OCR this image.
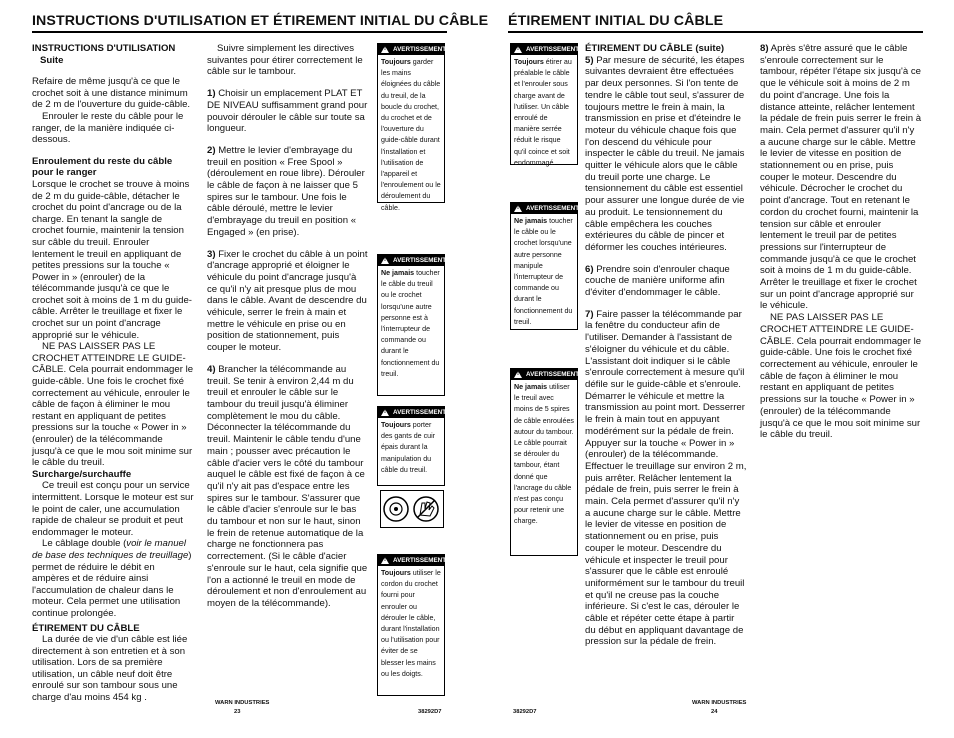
INSTRUCTIONS D'UTILISATION ET ÉTIREMENT INITIAL DU CÂBLE
INSTRUCTIONS D'UTILISATION
Suite
Refaire de même jusqu'à ce que le crochet soit à une distance minimum de 2 m de l'ouverture du guide-câble.

Enrouler le reste du câble pour le ranger, de la manière indiquée ci-dessous.

Enroulement du reste du câble pour le ranger
Lorsque le crochet se trouve à moins de 2 m du guide-câble, détacher le crochet du point d'ancrage ou de la charge. En tenant la sangle de crochet fournie, maintenir la tension sur câble du treuil. Enrouler lentement le treuil en appliquant de petites pressions sur la touche « Power in » (enrouler) de la télécommande jusqu'à ce que le crochet soit à moins de 1 m du guide-câble. Arrêter le treuillage et fixer le crochet sur un point d'ancrage approprié sur le véhicule.
NE PAS LAISSER PAS LE CROCHET ATTEINDRE LE GUIDE-CÂBLE. Cela pourrait endommager le guide-câble. Une fois le crochet fixé correctement au véhicule, enrouler le câble de façon à éliminer le mou restant en appliquant de petites pressions sur la touche « Power in » (enrouler) de la télécommande jusqu'à ce que le mou soit minime sur le câble du treuil.
Surcharge/surchauffe
Ce treuil est conçu pour un service intermittent. Lorsque le moteur est sur le point de caler, une accumulation rapide de chaleur se produit et peut endommager le moteur.
Le câblage double (voir le manuel de base des techniques de treuillage) permet de réduire le débit en ampères et de réduire ainsi l'accumulation de chaleur dans le moteur. Cela permet une utilisation continue prolongée.
ÉTIREMENT DU CÂBLE
La durée de vie d'un câble est liée directement à son entretien et à son utilisation. Lors de sa première utilisation, un câble neuf doit être enroulé sur son tambour sous une charge d'au moins 454 kg .

Suivre simplement les directives suivantes pour étirer correctement le câble sur le tambour.

1) Choisir un emplacement PLAT ET DE NIVEAU suffisamment grand pour pouvoir dérouler le câble sur toute sa longueur.

2) Mettre le levier d'embrayage du treuil en position « Free Spool » (déroulement en roue libre). Dérouler le câble de façon à ne laisser que 5 spires sur le tambour. Une fois le câble déroulé, mettre le levier d'embrayage du treuil en position « Engaged » (en prise).

3) Fixer le crochet du câble à un point d'ancrage approprié et éloigner le véhicule du point d'ancrage jusqu'à ce qu'il n'y ait presque plus de mou dans le câble. Avant de descendre du véhicule, serrer le frein à main et mettre le véhicule en prise ou en position de stationnement, puis couper le moteur.

4) Brancher la télécommande au treuil. Se tenir à environ 2,44 m du treuil et enrouler le câble sur le tambour du treuil jusqu'à éliminer complètement le mou du câble. Déconnecter la télécommande du treuil. Maintenir le câble tendu d'une main ; pousser avec précaution le câble d'acier vers le côté du tambour auquel le câble est fixé de façon à ce qu'il n'y ait pas d'espace entre les spires sur le tambour. S'assurer que le câble d'acier s'enroule sur le bas du tambour et non sur le haut, sinon le frein de retenue automatique de la charge ne fonctionnera pas correctement. (Si le câble d'acier s'enroule sur le haut, cela signifie que l'on a actionné le treuil en mode de déroulement et non d'enroulement au moyen de la télécommande).

!
AVERTISSEMENT
Toujours garder les mains éloignées du câble du treuil, de la boucle du crochet, du crochet et de l'ouverture du guide-câble durant l'installation et l'utilisation de l'appareil et l'enroulement ou le déroulement du câble.
!
AVERTISSEMENT
Ne jamais toucher le câble du treuil ou le crochet lorsqu'une autre personne est à l'interrupteur de commande ou durant le fonctionnement du treuil.
!
AVERTISSEMENT
Toujours porter des gants de cuir épais durant la manipulation du câble du treuil.
!
AVERTISSEMENT
Toujours utiliser le cordon du crochet fourni pour enrouler ou dérouler le câble, durant l'installation ou l'utilisation pour éviter de se blesser les mains ou les doigts.
WARN INDUSTRIES
23	38292D7
ÉTIREMENT INITIAL DU CÂBLE
!
AVERTISSEMENT
Toujours étirer au préalable le câble et l'enrouler sous charge avant de l'utiliser. Un câble enroulé de manière serrée réduit le risque qu'il coince et soit endommagé.
!
AVERTISSEMENT
Ne jamais toucher le câble ou le crochet lorsqu'une autre personne manipule l'interrupteur de commande ou durant le fonctionnement du treuil.
!
AVERTISSEMENT
Ne jamais utiliser le treuil avec moins de 5 spires de câble enroulées autour du tambour. Le câble pourrait se dérouler du tambour, étant donné que l'ancrage du câble n'est pas conçu pour retenir une charge.
ÉTIREMENT DU CÂBLE (suite)

5) Par mesure de sécurité, les étapes suivantes devraient être effectuées par deux personnes. Si l'on tente de tendre le câble tout seul, s'assurer de toujours mettre le frein à main, la transmission en prise et d'éteindre le moteur du véhicule chaque fois que l'on descend du véhicule pour inspecter le câble du treuil. Ne jamais quitter le véhicule alors que le câble du treuil porte une charge. Le tensionnement du câble est essentiel pour assurer une longue durée de vie au produit. Le tensionnement du câble empêchera les couches extérieures du câble de pincer et déformer les couches intérieures.

6) Prendre soin d'enrouler chaque couche de manière uniforme afin d'éviter d'endommager le câble.

7) Faire passer la télécommande par la fenêtre du conducteur afin de l'utiliser. Demander à l'assistant de s'éloigner du véhicule et du câble. L'assistant doit indiquer si le câble s'enroule correctement à mesure qu'il défile sur le guide-câble et s'enroule. Démarrer le véhicule et mettre la transmission au point mort. Desserrer le frein à main tout en appuyant modérément sur la pédale de frein. Appuyer sur la touche « Power in » (enrouler) de la télécommande. Effectuer le treuillage sur environ 2 m, puis arrêter. Relâcher lentement la pédale de frein, puis serrer le frein à main. Cela permet d'assurer qu'il n'y a aucune charge sur le câble. Mettre le levier de vitesse en position de stationnement ou en prise, puis couper le moteur. Descendre du véhicule et inspecter le treuil pour s'assurer que le câble est enroulé uniformément sur le tambour du treuil et qu'il ne creuse pas la couche inférieure. Si c'est le cas, dérouler le câble et répéter cette étape à partir du début en appliquant davantage de pression sur la pédale de frein.

8) Après s'être assuré que le câble s'enroule correctement sur le tambour, répéter l'étape six jusqu'à ce que le véhicule soit à moins de 2 m du point d'ancrage. Une fois la distance atteinte, relâcher lentement la pédale de frein puis serrer le frein à main. Cela permet d'assurer qu'il n'y a aucune charge sur le câble. Mettre le levier de vitesse en position de stationnement ou en prise, puis couper le moteur. Descendre du véhicule. Décrocher le crochet du point d'ancrage. Tout en retenant le cordon du crochet fourni, maintenir la tension sur câble et enrouler lentement le treuil par de petites pressions sur l'interrupteur de commande jusqu'à ce que le crochet soit à moins de 1 m du guide-câble. Arrêter le treuillage et fixer le crochet sur un point d'ancrage approprié sur le véhicule.
NE PAS LAISSER PAS LE CROCHET ATTEINDRE LE GUIDE-CÂBLE. Cela pourrait endommager le guide-câble. Une fois le crochet fixé correctement au véhicule, enrouler le câble de façon à éliminer le mou restant en appliquant de petites pressions sur la touche « Power in » (enrouler) de la télécommande jusqu'à ce que le mou soit minime sur le câble du treuil.
38292D7
WARN INDUSTRIES
24
